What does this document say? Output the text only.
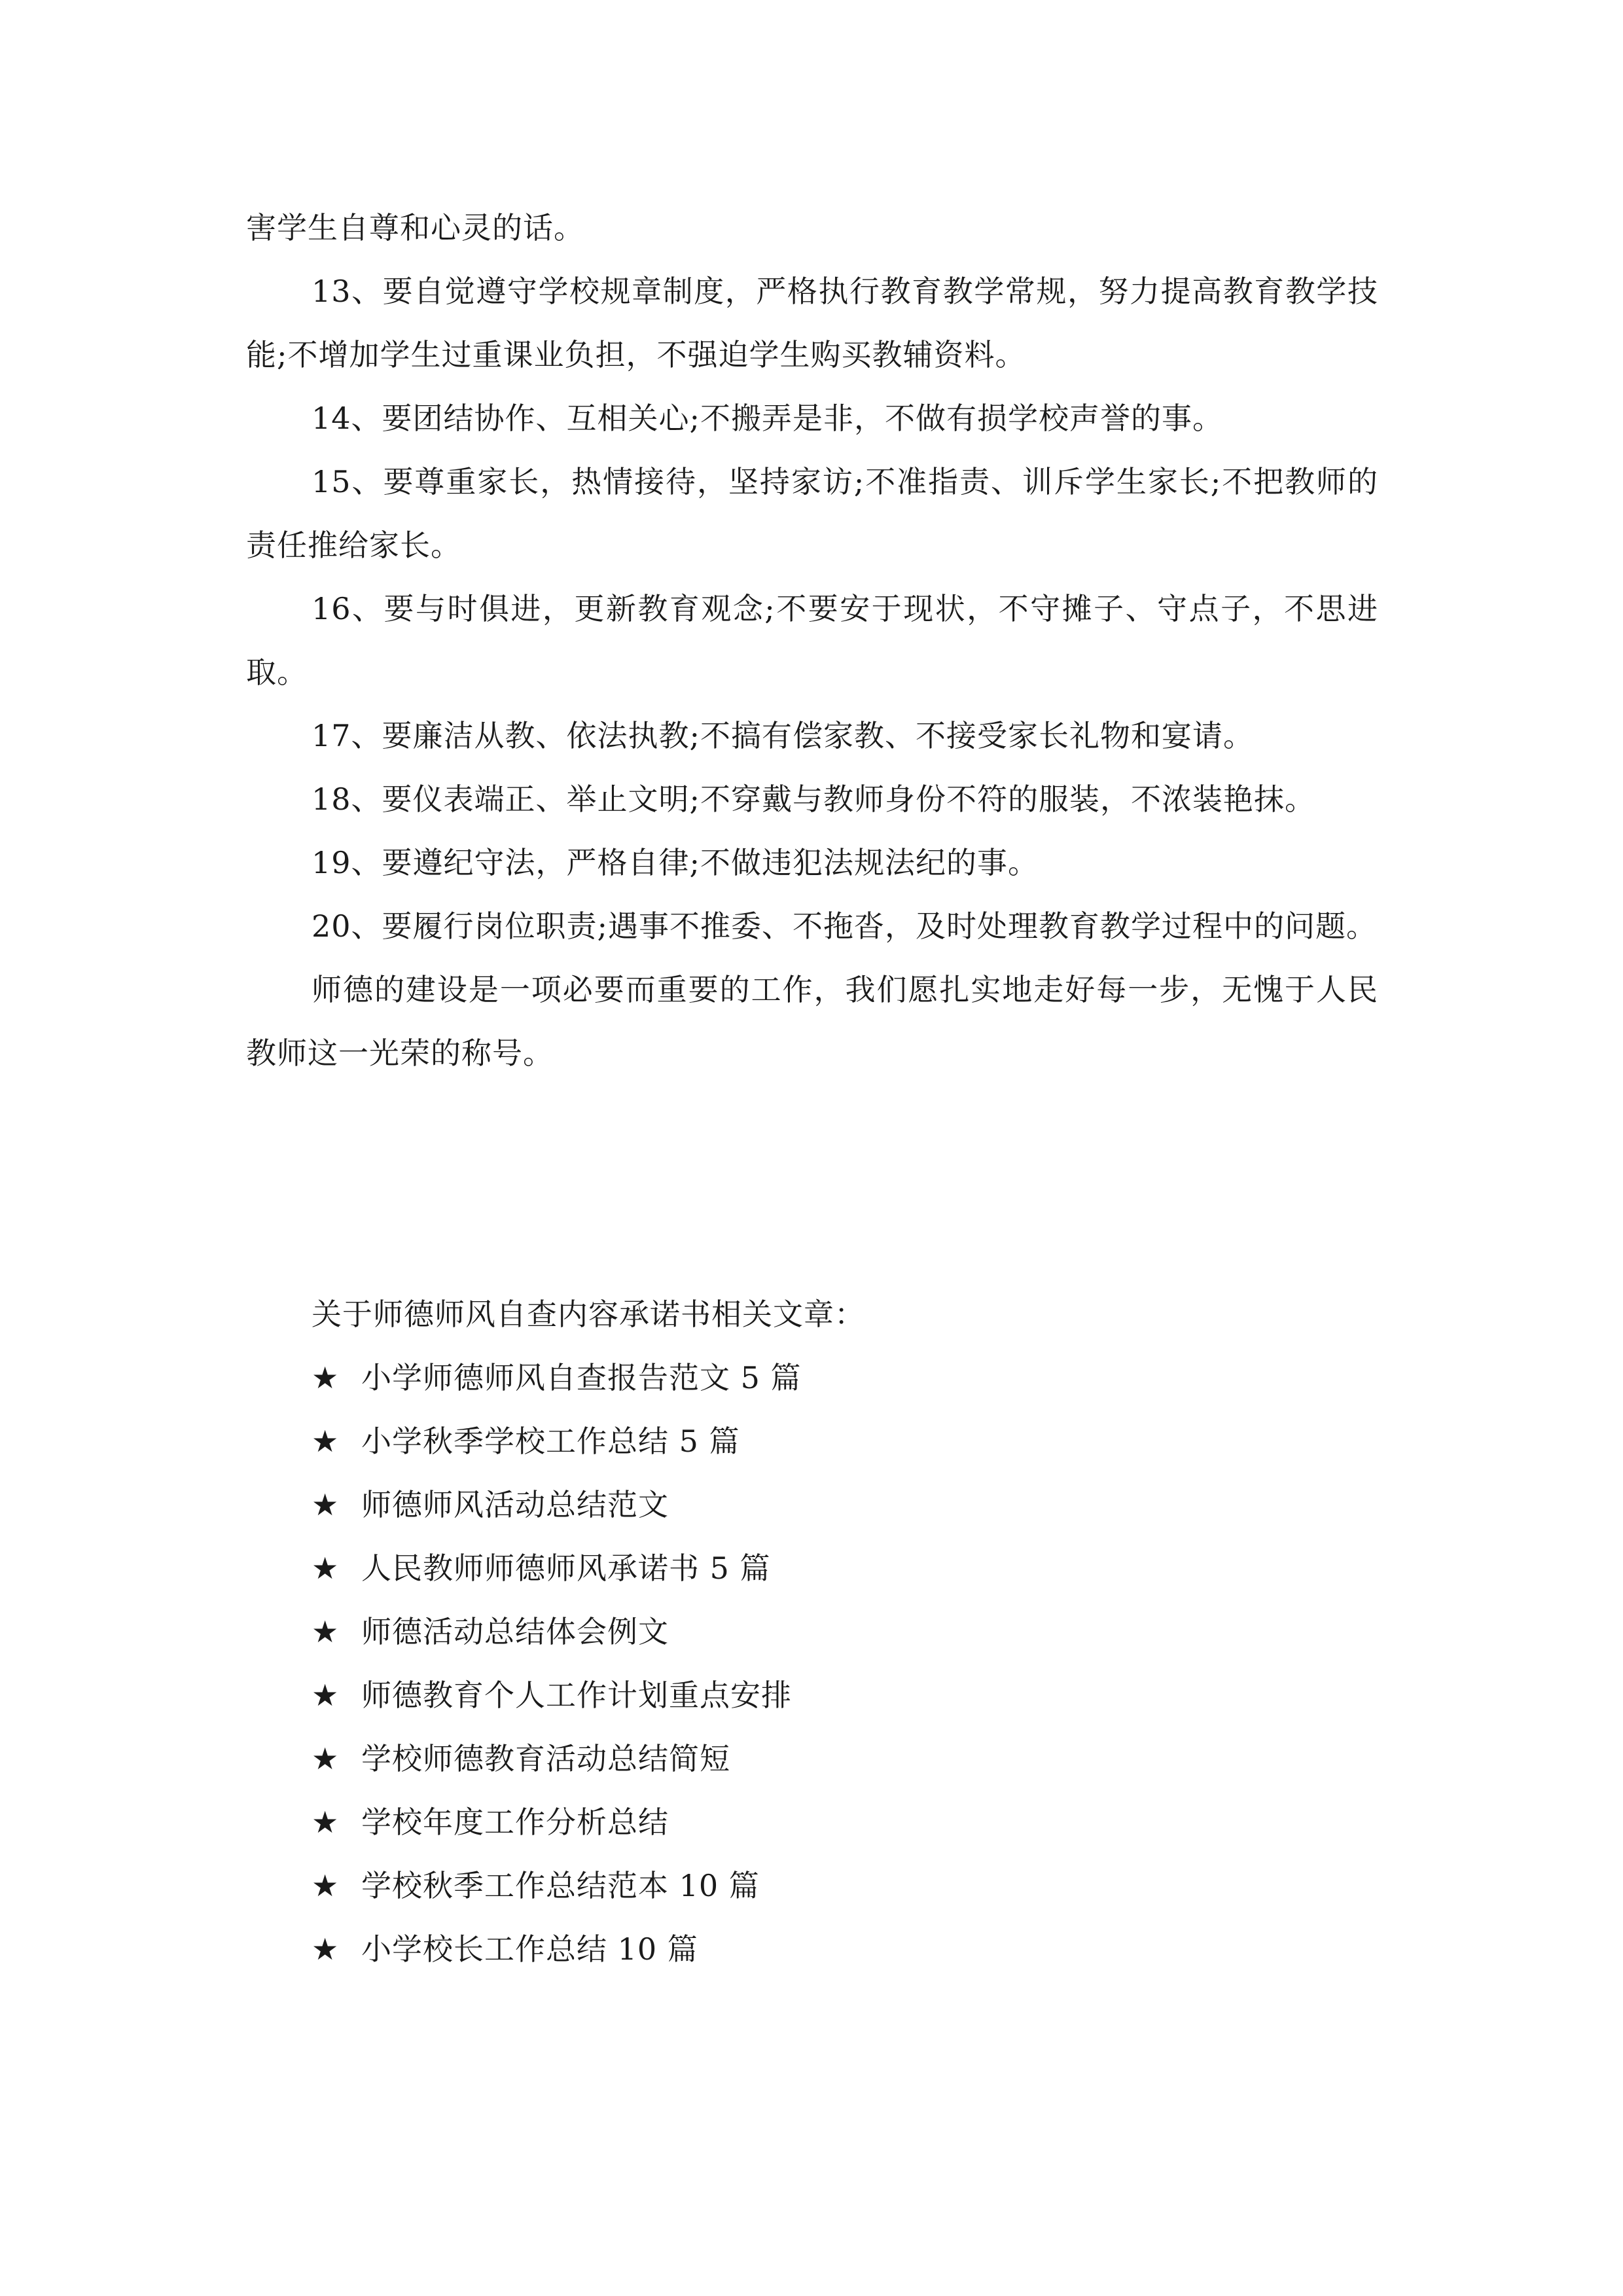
害学生自尊和心灵的话。

13、要自觉遵守学校规章制度，严格执行教育教学常规，努力提高教育教学技能;不增加学生过重课业负担，不强迫学生购买教辅资料。

14、要团结协作、互相关心;不搬弄是非，不做有损学校声誉的事。

15、要尊重家长，热情接待，坚持家访;不准指责、训斥学生家长;不把教师的责任推给家长。

16、要与时俱进，更新教育观念;不要安于现状，不守摊子、守点子，不思进取。

17、要廉洁从教、依法执教;不搞有偿家教、不接受家长礼物和宴请。

18、要仪表端正、举止文明;不穿戴与教师身份不符的服装，不浓装艳抹。

19、要遵纪守法，严格自律;不做违犯法规法纪的事。

20、要履行岗位职责;遇事不推委、不拖沓，及时处理教育教学过程中的问题。

师德的建设是一项必要而重要的工作，我们愿扎实地走好每一步，无愧于人民教师这一光荣的称号。

关于师德师风自查内容承诺书相关文章：

★ 小学师德师风自查报告范文 5 篇
★ 小学秋季学校工作总结 5 篇
★ 师德师风活动总结范文
★ 人民教师师德师风承诺书 5 篇
★ 师德活动总结体会例文
★ 师德教育个人工作计划重点安排
★ 学校师德教育活动总结简短
★ 学校年度工作分析总结
★ 学校秋季工作总结范本 10 篇
★ 小学校长工作总结 10 篇
